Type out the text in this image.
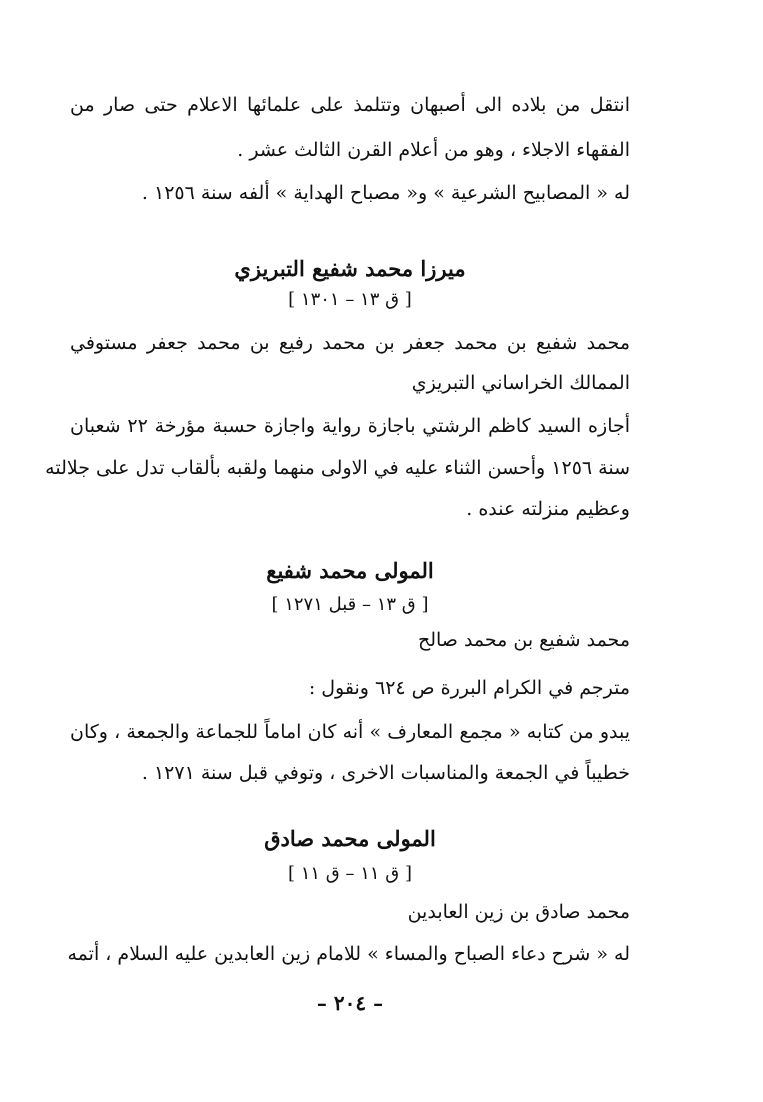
انتقل من بلاده الى أصبهان وتتلمذ على علمائها الاعلام حتى صار من
الفقهاء الاجلاء ، وهو من أعلام القرن الثالث عشر .
له « المصابيح الشرعية » و« مصباح الهداية » ألفه سنة ١٢٥٦ .
ميرزا محمد شفيع التبريزي
[ ق ١٣ – ١٣٠١ ]
محمد شفيع بن محمد جعفر بن محمد رفيع بن محمد جعفر مستوفي
الممالك الخراساني التبريزي
أجازه السيد كاظم الرشتي باجازة رواية واجازة حسبة مؤرخة ٢٢ شعبان
سنة ١٢٥٦ وأحسن الثناء عليه في الاولى منهما ولقبه بألقاب تدل على جلالته
وعظيم منزلته عنده .
المولى محمد شفيع
[ ق ١٣ – قبل ١٢٧١ ]
محمد شفيع بن محمد صالح
مترجم في الكرام البررة ص ٦٢٤ ونقول :
يبدو من كتابه « مجمع المعارف » أنه كان اماماً للجماعة والجمعة ، وكان
خطيباً في الجمعة والمناسبات الاخرى ، وتوفي قبل سنة ١٢٧١ .
المولى محمد صادق
[ ق ١١ – ق ١١ ]
محمد صادق بن زين العابدين
له « شرح دعاء الصباح والمساء » للامام زين العابدين عليه السلام ، أتمه
– ٢٠٤ –
